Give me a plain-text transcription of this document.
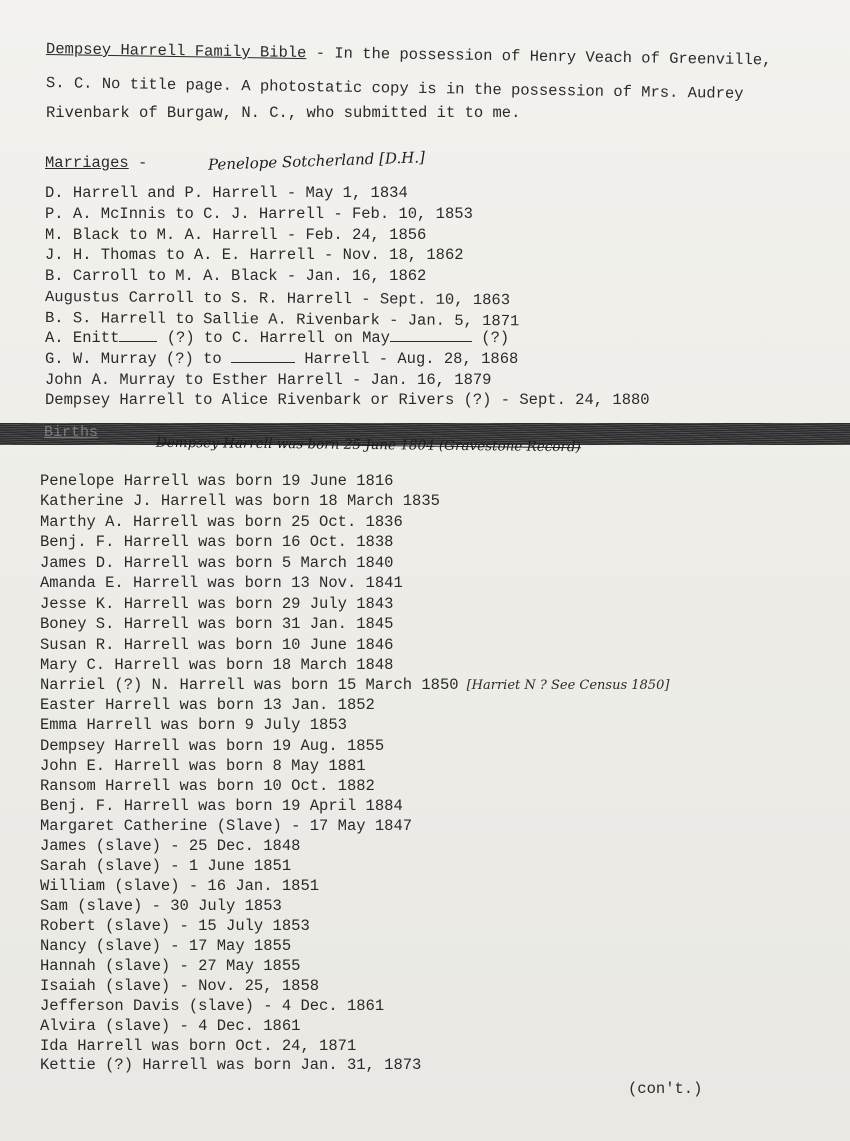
Dempsey Harrell Family Bible - In the possession of Henry Veach of Greenville,
S. C. No title page. A photostatic copy is in the possession of Mrs. Audrey
Rivenbark of Burgaw, N. C., who submitted it to me.
Marriages -	Penelope Sotcherland [D.H.]
D. Harrell and P. Harrell - May 1, 1834
P. A. McInnis to C. J. Harrell - Feb. 10, 1853
M. Black to M. A. Harrell - Feb. 24, 1856
J. H. Thomas to A. E. Harrell - Nov. 18, 1862
B. Carroll to M. A. Black - Jan. 16, 1862
Augustus Carroll to S. R. Harrell - Sept. 10, 1863
B. S. Harrell to Sallie A. Rivenbark - Jan. 5, 1871
A. Enitt	(?) to C. Harrell on May	(?)
G. W. Murray (?) to	Harrell - Aug. 28, 1868
John A. Murray to Esther Harrell - Jan. 16, 1879
Dempsey Harrell to Alice Rivenbark or Rivers (?) - Sept. 24, 1880
Births
Dempsey Harrell was born 25 June 1804 (Gravestone Record)
Penelope Harrell was born 19 June 1816
Katherine J. Harrell was born 18 March 1835
Marthy A. Harrell was born 25 Oct. 1836
Benj. F. Harrell was born 16 Oct. 1838
James D. Harrell was born 5 March 1840
Amanda E. Harrell was born 13 Nov. 1841
Jesse K. Harrell was born 29 July 1843
Boney S. Harrell was born 31 Jan. 1845
Susan R. Harrell was born 10 June 1846
Mary C. Harrell was born 18 March 1848
Narriel (?) N. Harrell was born 15 March 1850 [Harriet N ? See Census 1850]
Easter Harrell was born 13 Jan. 1852
Emma Harrell was born 9 July 1853
Dempsey Harrell was born 19 Aug. 1855
John E. Harrell was born 8 May 1881
Ransom Harrell was born 10 Oct. 1882
Benj. F. Harrell was born 19 April 1884
Margaret Catherine (Slave) - 17 May 1847
James (slave) - 25 Dec. 1848
Sarah (slave) - 1 June 1851
William (slave) - 16 Jan. 1851
Sam (slave) - 30 July 1853
Robert (slave) - 15 July 1853
Nancy (slave) - 17 May 1855
Hannah (slave) - 27 May 1855
Isaiah (slave) - Nov. 25, 1858
Jefferson Davis (slave) - 4 Dec. 1861
Alvira (slave) - 4 Dec. 1861
Ida Harrell was born Oct. 24, 1871
Kettie (?) Harrell was born Jan. 31, 1873
(con't.)
